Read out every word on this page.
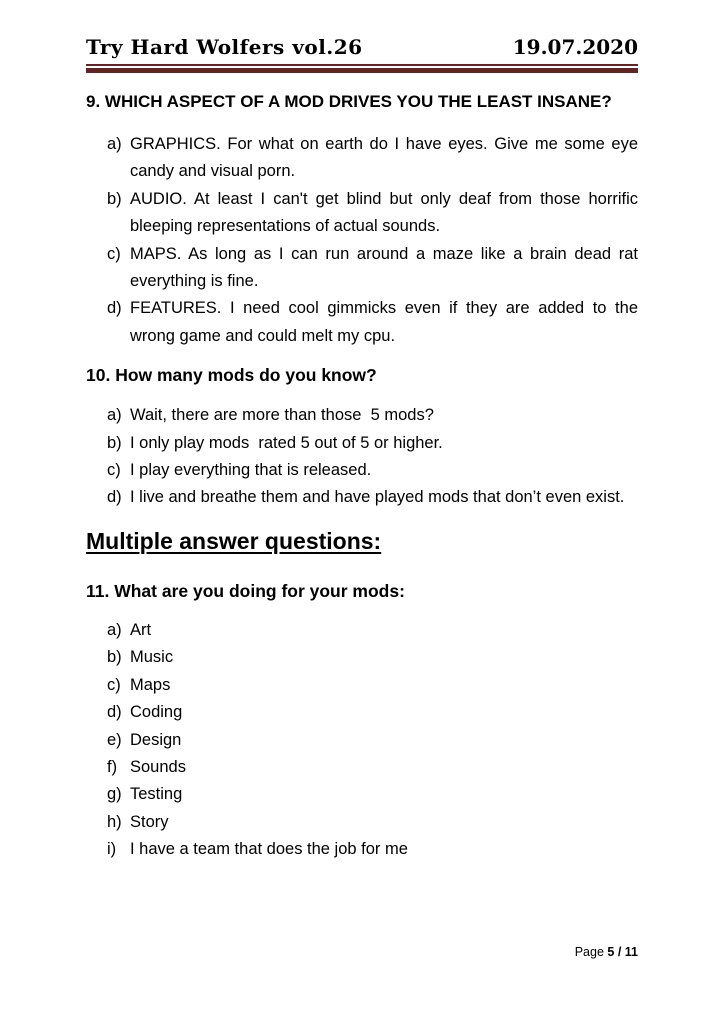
Try Hard Wolfers vol.26	19.07.2020
9. WHICH ASPECT OF A MOD DRIVES YOU THE LEAST INSANE?
a) GRAPHICS. For what on earth do I have eyes. Give me some eye candy and visual porn.
b) AUDIO. At least I can't get blind but only deaf from those horrific bleeping representations of actual sounds.
c) MAPS. As long as I can run around a maze like a brain dead rat everything is fine.
d) FEATURES. I need cool gimmicks even if they are added to the wrong game and could melt my cpu.
10. How many mods do you know?
a) Wait, there are more than those  5 mods?
b) I only play mods  rated 5 out of 5 or higher.
c) I play everything that is released.
d) I live and breathe them and have played mods that don’t even exist.
Multiple answer questions:
11. What are you doing for your mods:
a) Art
b) Music
c) Maps
d) Coding
e) Design
f) Sounds
g) Testing
h) Story
i) I have a team that does the job for me
Page 5 / 11
